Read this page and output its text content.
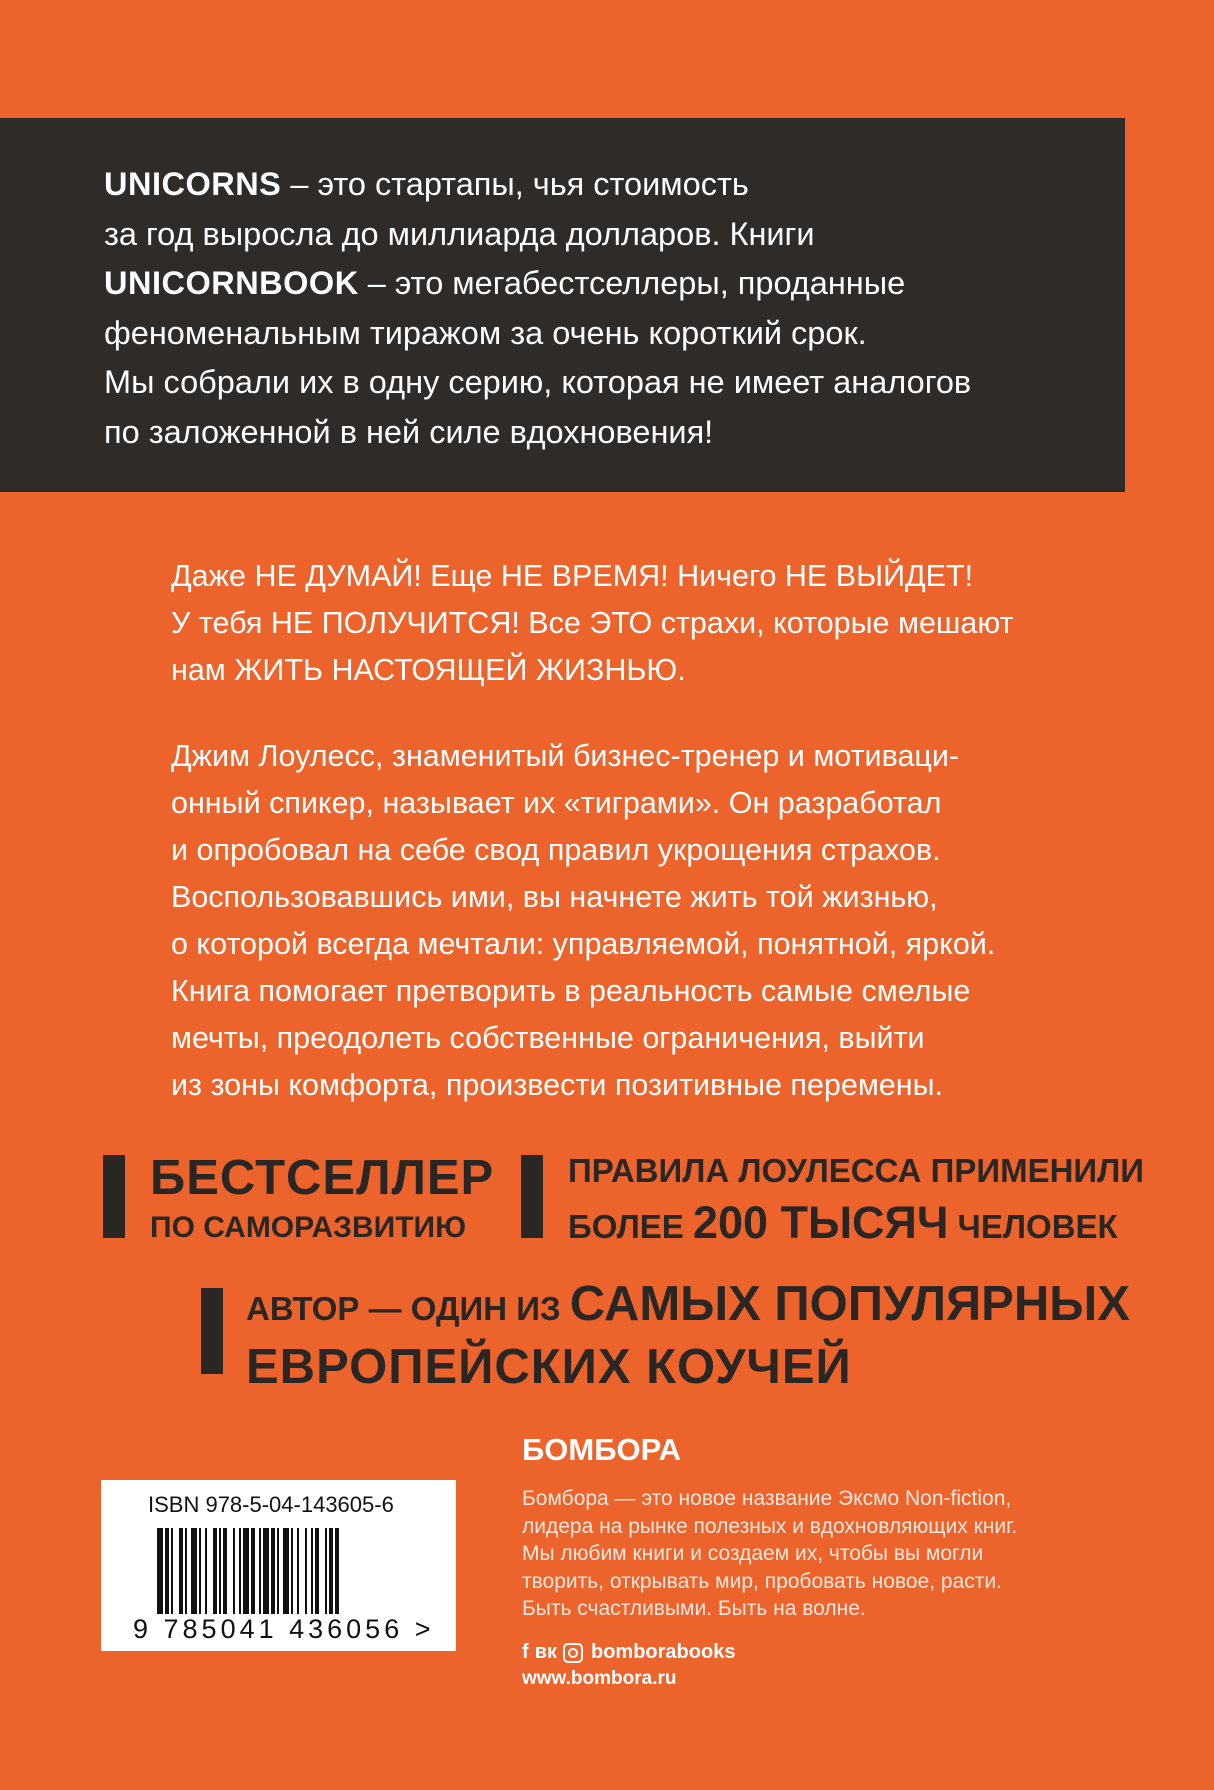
UNICORNS – это стартапы, чья стоимость
за год выросла до миллиарда долларов. Книги
UNICORNBOOK – это мегабестселлеры, проданные
феноменальным тиражом за очень короткий срок.
Мы собрали их в одну серию, которая не имеет аналогов
по заложенной в ней силе вдохновения!

Даже НЕ ДУМАЙ! Еще НЕ ВРЕМЯ! Ничего НЕ ВЫЙДЕТ!
У тебя НЕ ПОЛУЧИТСЯ! Все ЭТО страхи, которые мешают
нам ЖИТЬ НАСТОЯЩЕЙ ЖИЗНЬЮ.

Джим Лоулесс, знаменитый бизнес-тренер и мотиваци-
онный спикер, называет их «тиграми». Он разработал
и опробовал на себе свод правил укрощения страхов.
Воспользовавшись ими, вы начнете жить той жизнью,
о которой всегда мечтали: управляемой, понятной, яркой.
Книга помогает претворить в реальность самые смелые
мечты, преодолеть собственные ограничения, выйти
из зоны комфорта, произвести позитивные перемены.

БЕСТСЕЛЛЕР
ПО САМОРАЗВИТИЮ
ПРАВИЛА ЛОУЛЕССА ПРИМЕНИЛИ
БОЛЕЕ 200 ТЫСЯЧ ЧЕЛОВЕК
АВТОР — ОДИН ИЗ САМЫХ ПОПУЛЯРНЫХ
ЕВРОПЕЙСКИХ КОУЧЕЙ
ISBN 978-5-04-143605-6
9 785041 436056 >
БОМБОРА

Бомбора — это новое название Эксмо Non-fiction,
лидера на рынке полезных и вдохновляющих книг.
Мы любим книги и создаем их, чтобы вы могли
творить, открывать мир, пробовать новое, расти.
Быть счастливыми. Быть на волне.

f вк bomborabooks
www.bombora.ru
